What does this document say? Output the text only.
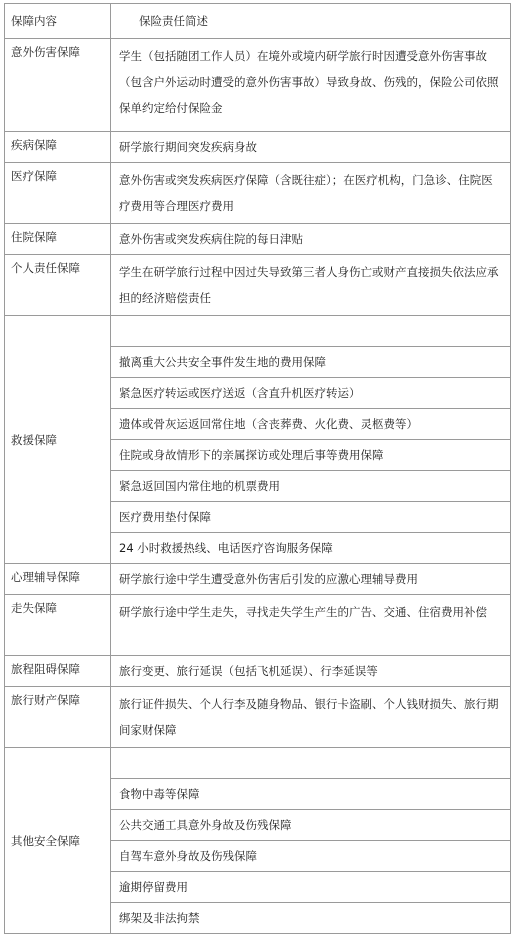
保障内容	保险责任简述
意外伤害保障	学生（包括随团工作人员）在境外或境内研学旅行时因遭受意外伤害事故（包含户外运动时遭受的意外伤害事故）导致身故、伤残的，保险公司依照保单约定给付保险金
疾病保障	研学旅行期间突发疾病身故
医疗保障	意外伤害或突发疾病医疗保障（含既往症）；在医疗机构，门急诊、住院医疗费用等合理医疗费用
住院保障	意外伤害或突发疾病住院的每日津贴
个人责任保障	学生在研学旅行过程中因过失导致第三者人身伤亡或财产直接损失依法应承担的经济赔偿责任
救援保障	
	撤离重大公共安全事件发生地的费用保障
	紧急医疗转运或医疗送返（含直升机医疗转运）
	遗体或骨灰运返回常住地（含丧葬费、火化费、灵柩费等）
	住院或身故情形下的亲属探访或处理后事等费用保障
	紧急返回国内常住地的机票费用
	医疗费用垫付保障
	24 小时救援热线、电话医疗咨询服务保障
心理辅导保障	研学旅行途中学生遭受意外伤害后引发的应激心理辅导费用
走失保障	研学旅行途中学生走失，寻找走失学生产生的广告、交通、住宿费用补偿
旅程阻碍保障	旅行变更、旅行延误（包括飞机延误）、行李延误等
旅行财产保障	旅行证件损失、个人行李及随身物品、银行卡盗刷、个人钱财损失、旅行期间家财保障
其他安全保障	
	食物中毒等保障
	公共交通工具意外身故及伤残保障
	自驾车意外身故及伤残保障
	逾期停留费用
	绑架及非法拘禁
